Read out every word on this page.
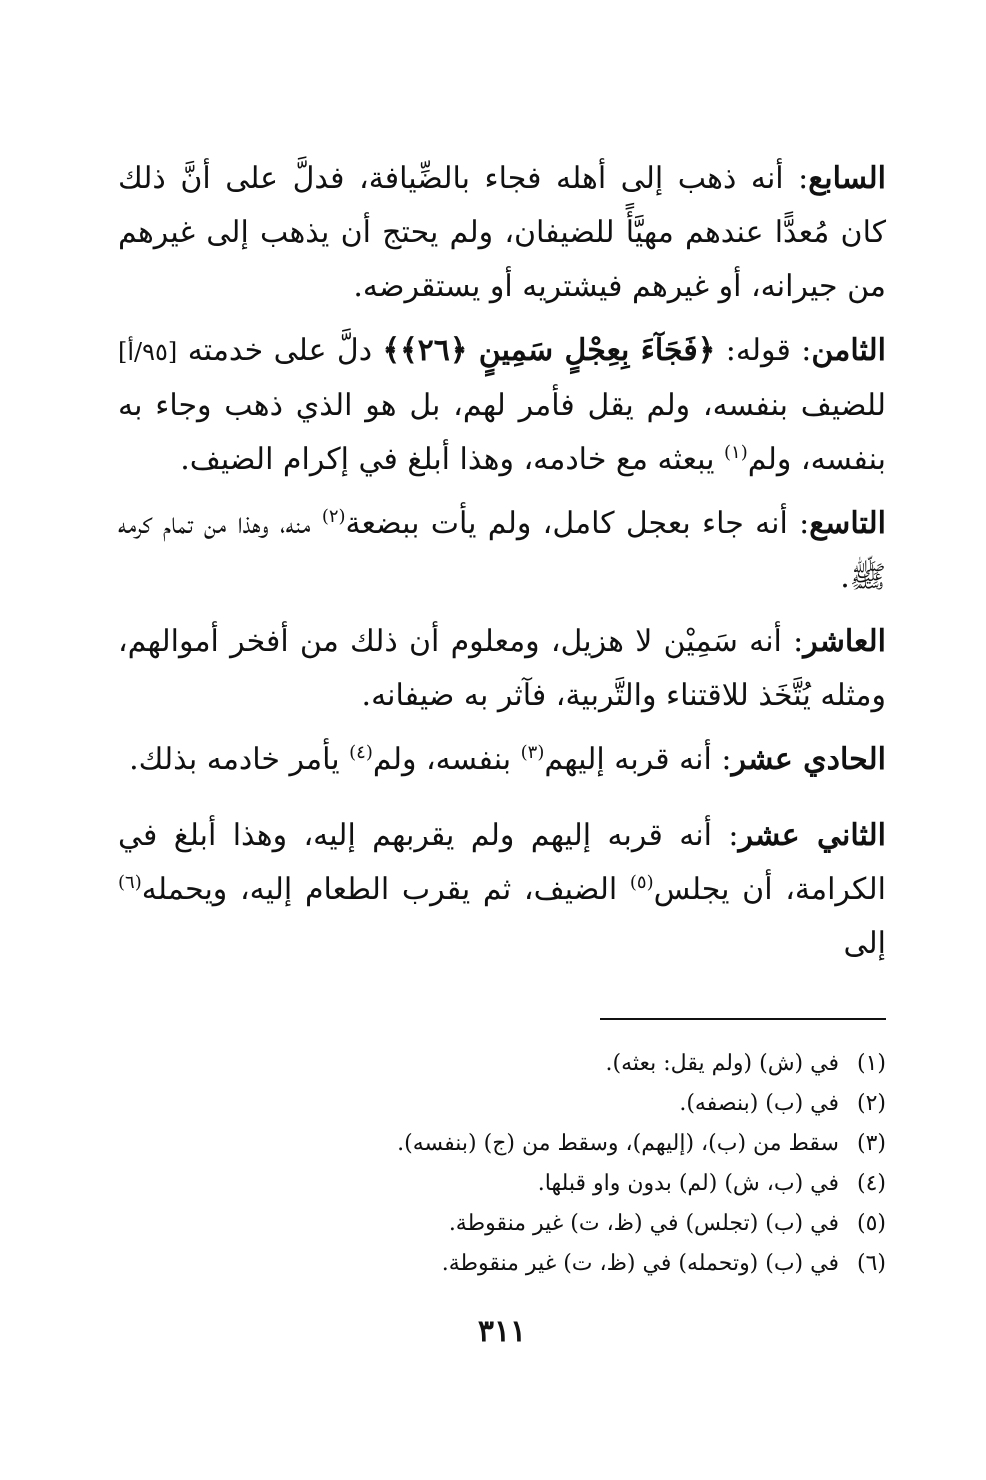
السابع: أنه ذهب إلى أهله فجاء بالضِّيافة، فدلَّ على أنَّ ذلك كان مُعدًّا عندهم مهيَّأً للضيفان، ولم يحتج أن يذهب إلى غيرهم من جيرانه، أو غيرهم فيشتريه أو يستقرضه.

الثامن: قوله: ﴿فَجَآءَ بِعِجْلٍ سَمِينٍ ﴿٢٦﴾﴾ دلَّ على خدمته [٩٥/أ] للضيف بنفسه، ولم يقل فأمر لهم، بل هو الذي ذهب وجاء به بنفسه، ولم$^{(١)}$ يبعثه مع خادمه، وهذا أبلغ في إكرام الضيف.

التاسع: أنه جاء بعجل كامل، ولم يأت ببضعة$^{(٢)}$ منه، وهذا من تمام كرمه ﷺ.

العاشر: أنه سَمِيْن لا هزيل، ومعلوم أن ذلك من أفخر أموالهم، ومثله يُتَّخَذ للاقتناء والتَّربية، فآثر به ضيفانه.

الحادي عشر: أنه قربه إليهم$^{(٣)}$ بنفسه، ولم$^{(٤)}$ يأمر خادمه بذلك.

الثاني عشر: أنه قربه إليهم ولم يقربهم إليه، وهذا أبلغ في الكرامة، أن يجلس$^{(٥)}$ الضيف، ثم يقرب الطعام إليه، ويحمله$^{(٦)}$ إلى

(١) في (ش) (ولم يقل: بعثه).
(٢) في (ب) (بنصفه).
(٣) سقط من (ب)، (إليهم)، وسقط من (ج) (بنفسه).
(٤) في (ب، ش) (لم) بدون واو قبلها.
(٥) في (ب) (تجلس) في (ظ، ت) غير منقوطة.
(٦) في (ب) (وتحمله) في (ظ، ت) غير منقوطة.
٣١١
